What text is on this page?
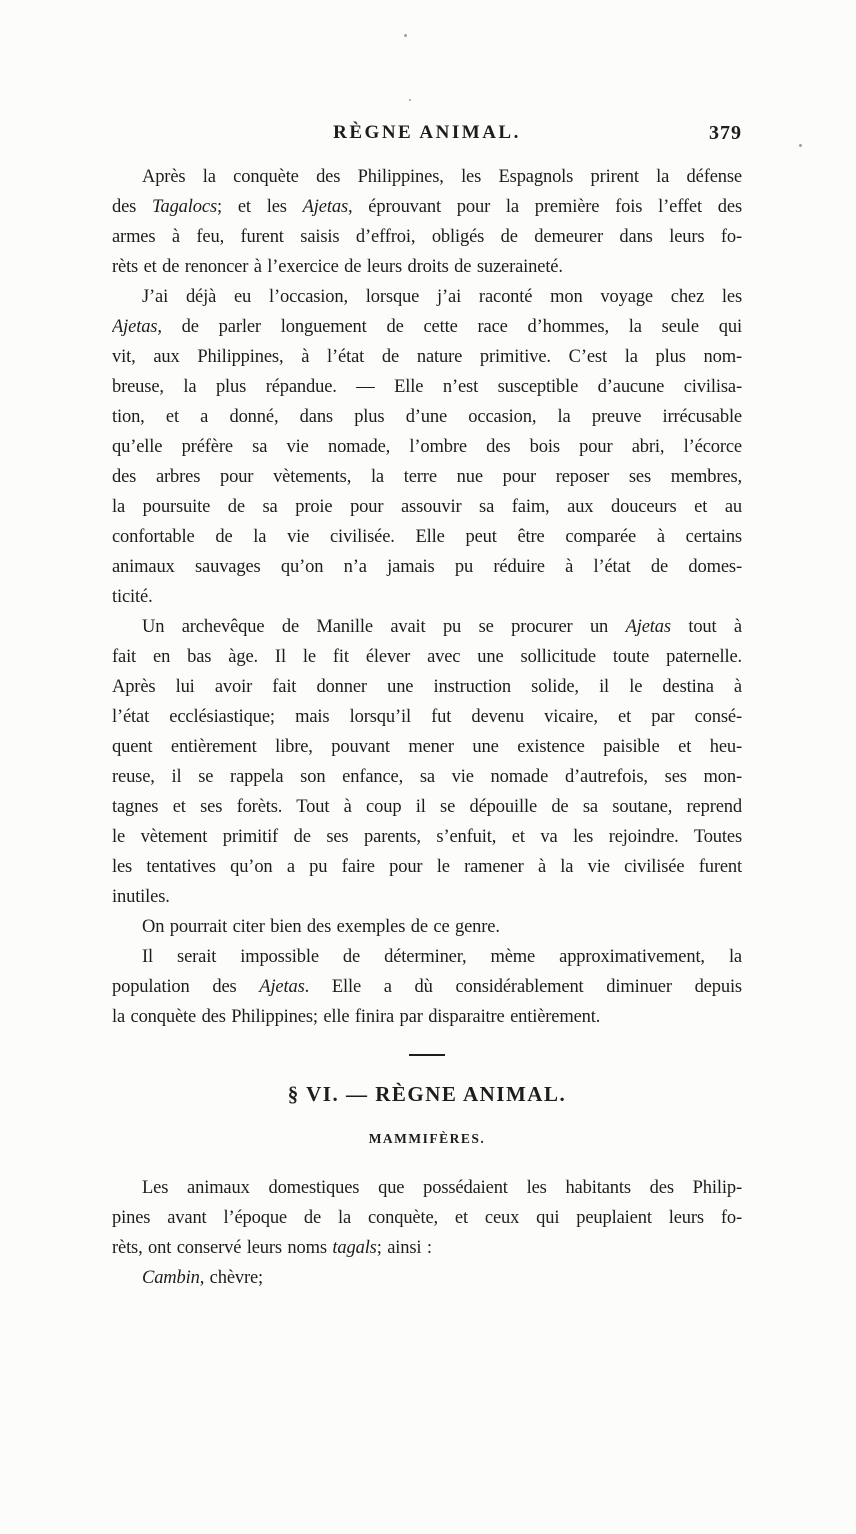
RÈGNE ANIMAL.	379
Après la conquète des Philippines, les Espagnols prirent la défense
des Tagalocs; et les Ajetas, éprouvant pour la première fois l’effet des
armes à feu, furent saisis d’effroi, obligés de demeurer dans leurs fo-
rèts et de renoncer à l’exercice de leurs droits de suzeraineté.
J’ai déjà eu l’occasion, lorsque j’ai raconté mon voyage chez les
Ajetas, de parler longuement de cette race d’hommes, la seule qui
vit, aux Philippines, à l’état de nature primitive. C’est la plus nom-
breuse, la plus répandue. — Elle n’est susceptible d’aucune civilisa-
tion, et a donné, dans plus d’une occasion, la preuve irrécusable
qu’elle préfère sa vie nomade, l’ombre des bois pour abri, l’écorce
des arbres pour vètements, la terre nue pour reposer ses membres,
la poursuite de sa proie pour assouvir sa faim, aux douceurs et au
confortable de la vie civilisée. Elle peut être comparée à certains
animaux sauvages qu’on n’a jamais pu réduire à l’état de domes-
ticité.
Un archevêque de Manille avait pu se procurer un Ajetas tout à
fait en bas àge. Il le fit élever avec une sollicitude toute paternelle.
Après lui avoir fait donner une instruction solide, il le destina à
l’état ecclésiastique; mais lorsqu’il fut devenu vicaire, et par consé-
quent entièrement libre, pouvant mener une existence paisible et heu-
reuse, il se rappela son enfance, sa vie nomade d’autrefois, ses mon-
tagnes et ses forèts. Tout à coup il se dépouille de sa soutane, reprend
le vètement primitif de ses parents, s’enfuit, et va les rejoindre. Toutes
les tentatives qu’on a pu faire pour le ramener à la vie civilisée furent
inutiles.
On pourrait citer bien des exemples de ce genre.
Il serait impossible de déterminer, mème approximativement, la
population des Ajetas. Elle a dù considérablement diminuer depuis
la conquète des Philippines; elle finira par disparaitre entièrement.
§ VI. — RÈGNE ANIMAL.
MAMMIFÈRES.
Les animaux domestiques que possédaient les habitants des Philip-
pines avant l’époque de la conquète, et ceux qui peuplaient leurs fo-
rèts, ont conservé leurs noms tagals; ainsi :
Cambin, chèvre;
